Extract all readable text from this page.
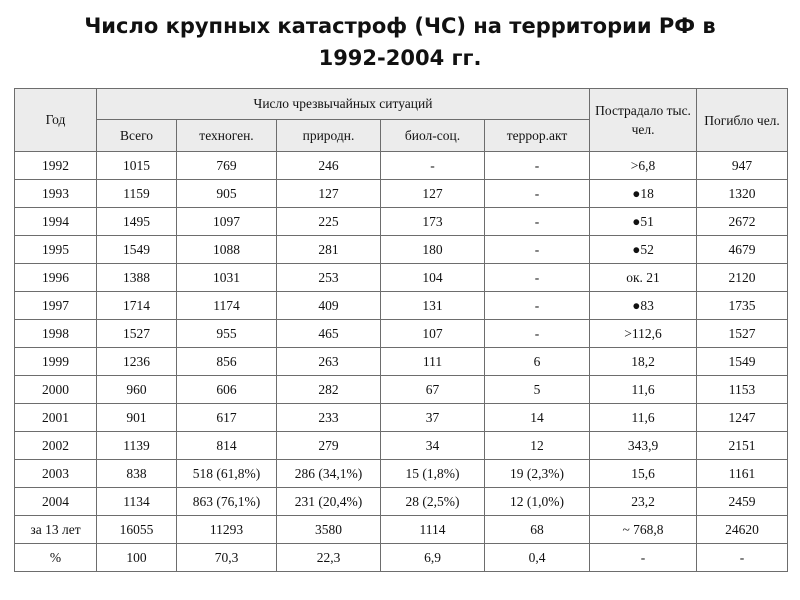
Число крупных катастроф (ЧС) на территории РФ в
1992-2004 гг.
Год	Число чрезвычайных ситуаций					Пострадало тыс. чел.	Погибло чел.
	Всего	техноген.	природн.	биол-соц.	террор.акт		
1992	1015	769	246	-	-	>6,8	947
1993	1159	905	127	127	-	●18	1320
1994	1495	1097	225	173	-	●51	2672
1995	1549	1088	281	180	-	●52	4679
1996	1388	1031	253	104	-	ок. 21	2120
1997	1714	1174	409	131	-	●83	1735
1998	1527	955	465	107	-	>112,6	1527
1999	1236	856	263	111	6	18,2	1549
2000	960	606	282	67	5	11,6	1153
2001	901	617	233	37	14	11,6	1247
2002	1139	814	279	34	12	343,9	2151
2003	838	518 (61,8%)	286 (34,1%)	15 (1,8%)	19 (2,3%)	15,6	1161
2004	1134	863 (76,1%)	231 (20,4%)	28 (2,5%)	12 (1,0%)	23,2	2459
за 13 лет	16055	11293	3580	1114	68	~ 768,8	24620
%	100	70,3	22,3	6,9	0,4	-	-
